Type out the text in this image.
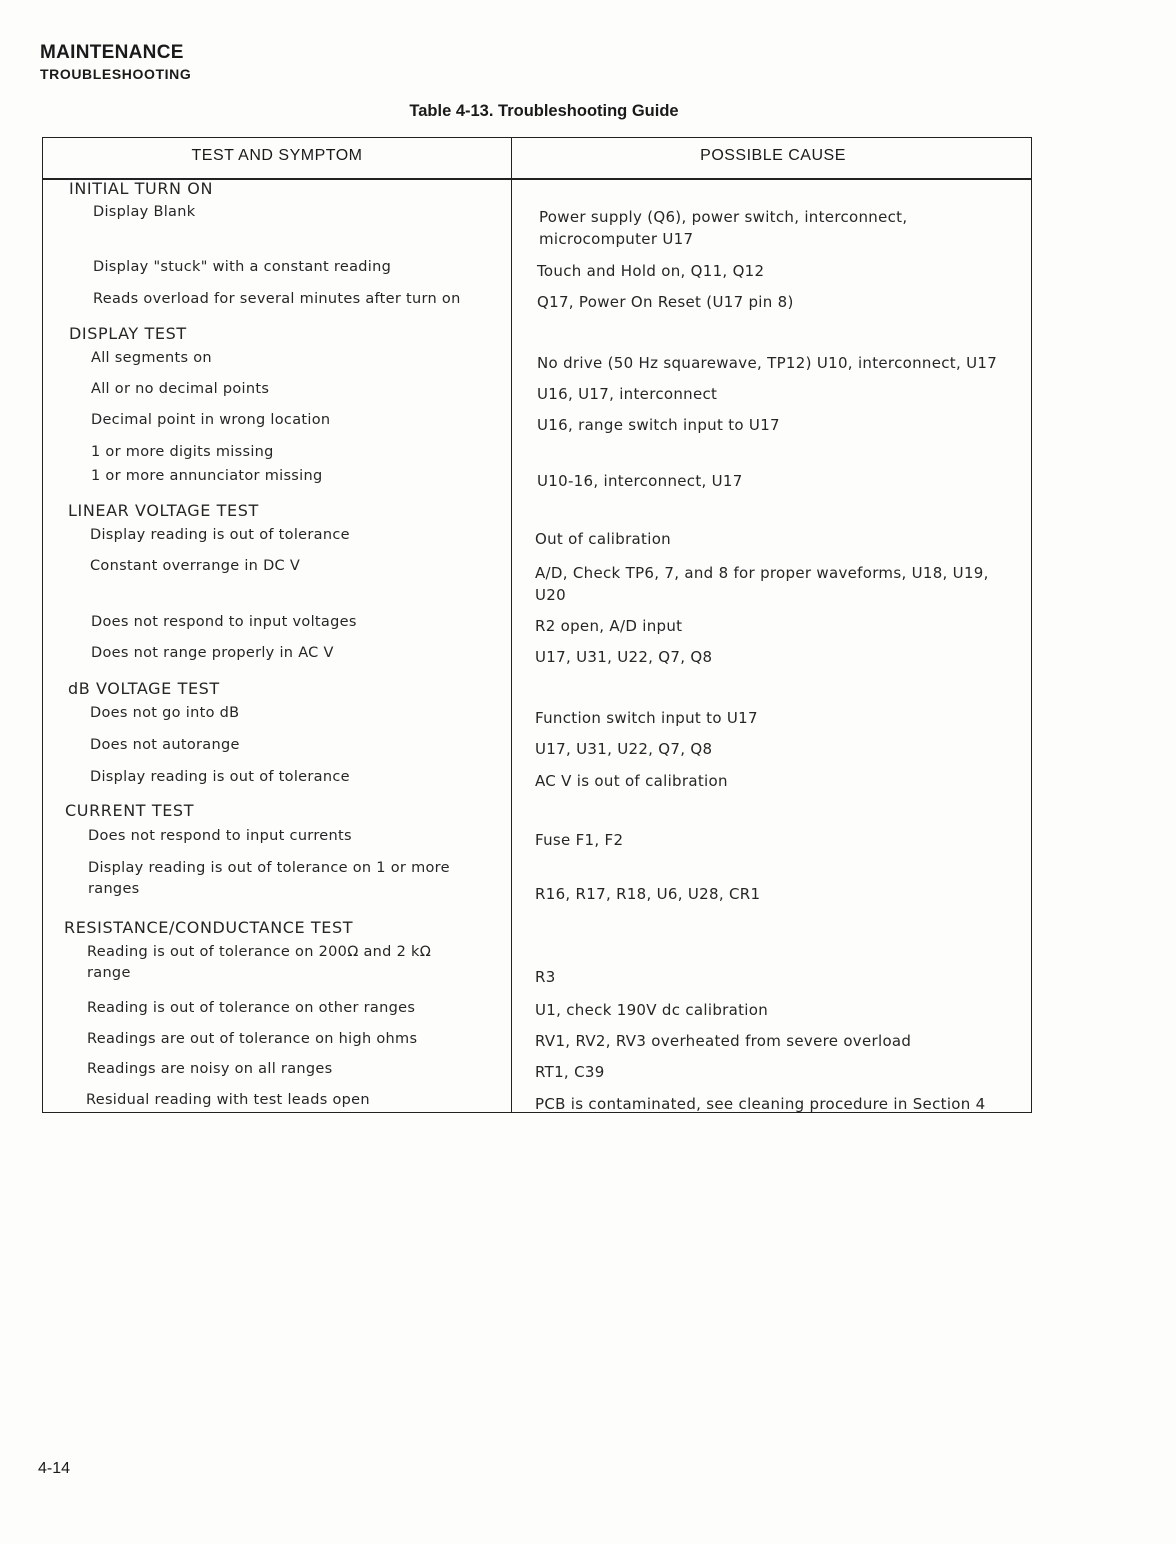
MAINTENANCE
TROUBLESHOOTING
Table 4-13. Troubleshooting Guide
TEST AND SYMPTOM	POSSIBLE CAUSE
INITIAL TURN ON
DISPLAY TEST
LINEAR VOLTAGE TEST
dB VOLTAGE TEST
CURRENT TEST
RESISTANCE/CONDUCTANCE TEST
Display Blank
Display "stuck" with a constant reading
Reads overload for several minutes after turn on
All segments on
All or no decimal points
Decimal point in wrong location
1 or more digits missing
1 or more annunciator missing
Display reading is out of tolerance
Constant overrange in DC V
Does not respond to input voltages
Does not range properly in AC V
Does not go into dB
Does not autorange
Display reading is out of tolerance
Does not respond to input currents
Display reading is out of tolerance on 1 or more ranges
Reading is out of tolerance on 200Ω and 2 kΩ range
Reading is out of tolerance on other ranges
Readings are out of tolerance on high ohms
Readings are noisy on all ranges
Residual reading with test leads open
Power supply (Q6), power switch, interconnect, microcomputer U17
Touch and Hold on, Q11, Q12
Q17, Power On Reset (U17 pin 8)
No drive (50 Hz squarewave, TP12) U10, interconnect, U17
U16, U17, interconnect
U16, range switch input to U17
U10-16, interconnect, U17
Out of calibration
A/D, Check TP6, 7, and 8 for proper waveforms, U18, U19, U20
R2 open, A/D input
U17, U31, U22, Q7, Q8
Function switch input to U17
U17, U31, U22, Q7, Q8
AC V is out of calibration
Fuse F1, F2
R16, R17, R18, U6, U28, CR1
R3
U1, check 190V dc calibration
RV1, RV2, RV3 overheated from severe overload
RT1, C39
PCB is contaminated, see cleaning procedure in Section 4
4-14
